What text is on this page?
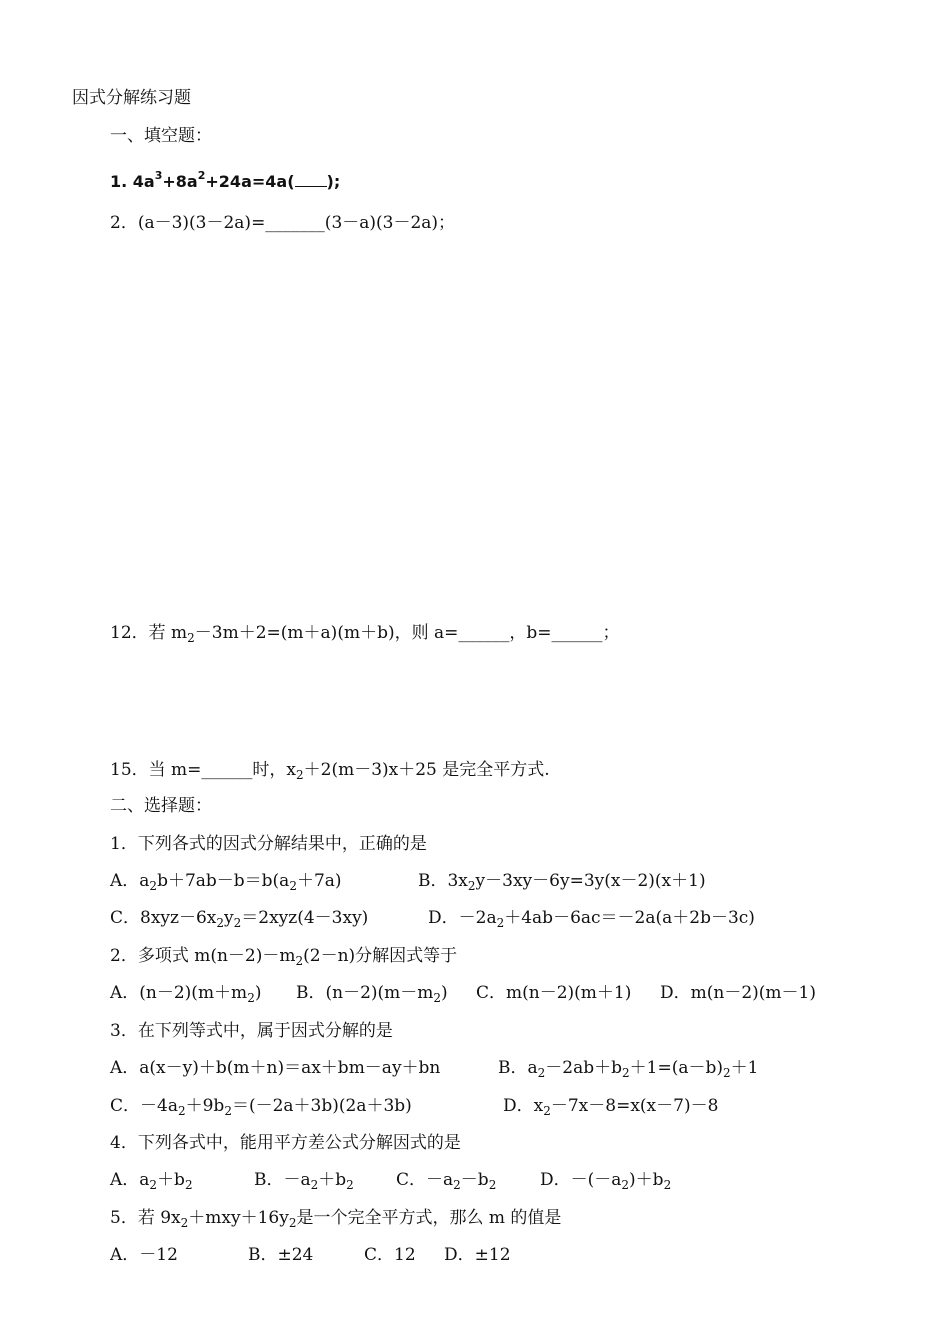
因式分解练习题
一、填空题：
1. $4a^3+8a^2+24a=4a$( );
2．(a－3)(3－2a)=_______(3－a)(3－2a)；
12．若 $m_2-3m+2=(m+a)(m+b)$，则 a=______，b=______；
15．当 m=______时，$x_2+2(m-3)x+25$ 是完全平方式.
二、选择题：
1．下列各式的因式分解结果中，正确的是
A．$a_2b+7ab-b=b(a_2+7a)$	B．$3x_2y-3xy-6y=3y(x-2)(x+1)$
C．$8xyz-6x_2y_2=2xyz(4-3xy)$	D．$-2a_2+4ab-6ac=-2a(a+2b-3c)$
2．多项式 $m(n-2)-m_2(2-n)$分解因式等于
A．$(n-2)(m+m_2)$ B．$(n-2)(m-m_2)$ C．m(n－2)(m＋1) D．m(n－2)(m－1)
3．在下列等式中，属于因式分解的是
A．a(x－y)＋b(m＋n)＝ax＋bm－ay＋bn	B．$a_2-2ab+b_2+1=(a-b)_2+1$
C．$-4a_2+9b_2=(-2a+3b)(2a+3b)$	D．$x_2-7x-8=x(x-7)-8$
4．下列各式中，能用平方差公式分解因式的是
A．$a_2+b_2$	B．$-a_2+b_2$ C．$-a_2-b_2$	D．$-(-a_2)+b_2$
5．若 $9x_2+mxy+16y_2$是一个完全平方式，那么 m 的值是
A．－12	B．±24	C．12 D．±12
